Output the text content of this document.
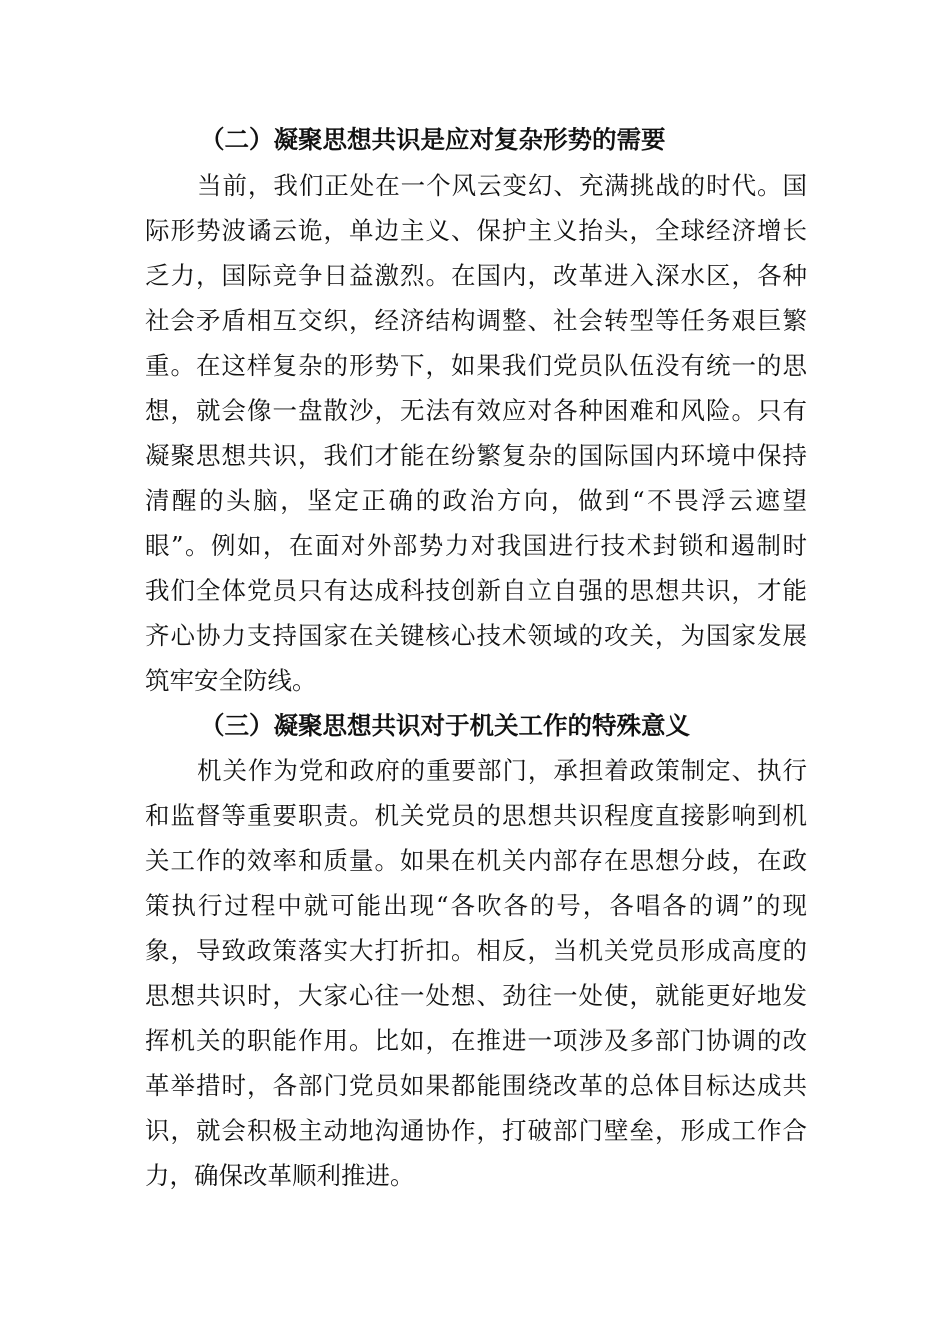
（二）凝聚思想共识是应对复杂形势的需要
当前，我们正处在一个风云变幻、充满挑战的时代。国
际形势波谲云诡，单边主义、保护主义抬头，全球经济增长
乏力，国际竞争日益激烈。在国内，改革进入深水区，各种
社会矛盾相互交织，经济结构调整、社会转型等任务艰巨繁
重。在这样复杂的形势下，如果我们党员队伍没有统一的思
想，就会像一盘散沙，无法有效应对各种困难和风险。只有
凝聚思想共识，我们才能在纷繁复杂的国际国内环境中保持
清醒的头脑，坚定正确的政治方向，做到“不畏浮云遮望
眼”。例如，在面对外部势力对我国进行技术封锁和遏制时
我们全体党员只有达成科技创新自立自强的思想共识，才能
齐心协力支持国家在关键核心技术领域的攻关，为国家发展
筑牢安全防线。
（三）凝聚思想共识对于机关工作的特殊意义
机关作为党和政府的重要部门，承担着政策制定、执行
和监督等重要职责。机关党员的思想共识程度直接影响到机
关工作的效率和质量。如果在机关内部存在思想分歧，在政
策执行过程中就可能出现“各吹各的号，各唱各的调”的现
象，导致政策落实大打折扣。相反，当机关党员形成高度的
思想共识时，大家心往一处想、劲往一处使，就能更好地发
挥机关的职能作用。比如，在推进一项涉及多部门协调的改
革举措时，各部门党员如果都能围绕改革的总体目标达成共
识，就会积极主动地沟通协作，打破部门壁垒，形成工作合
力，确保改革顺利推进。
